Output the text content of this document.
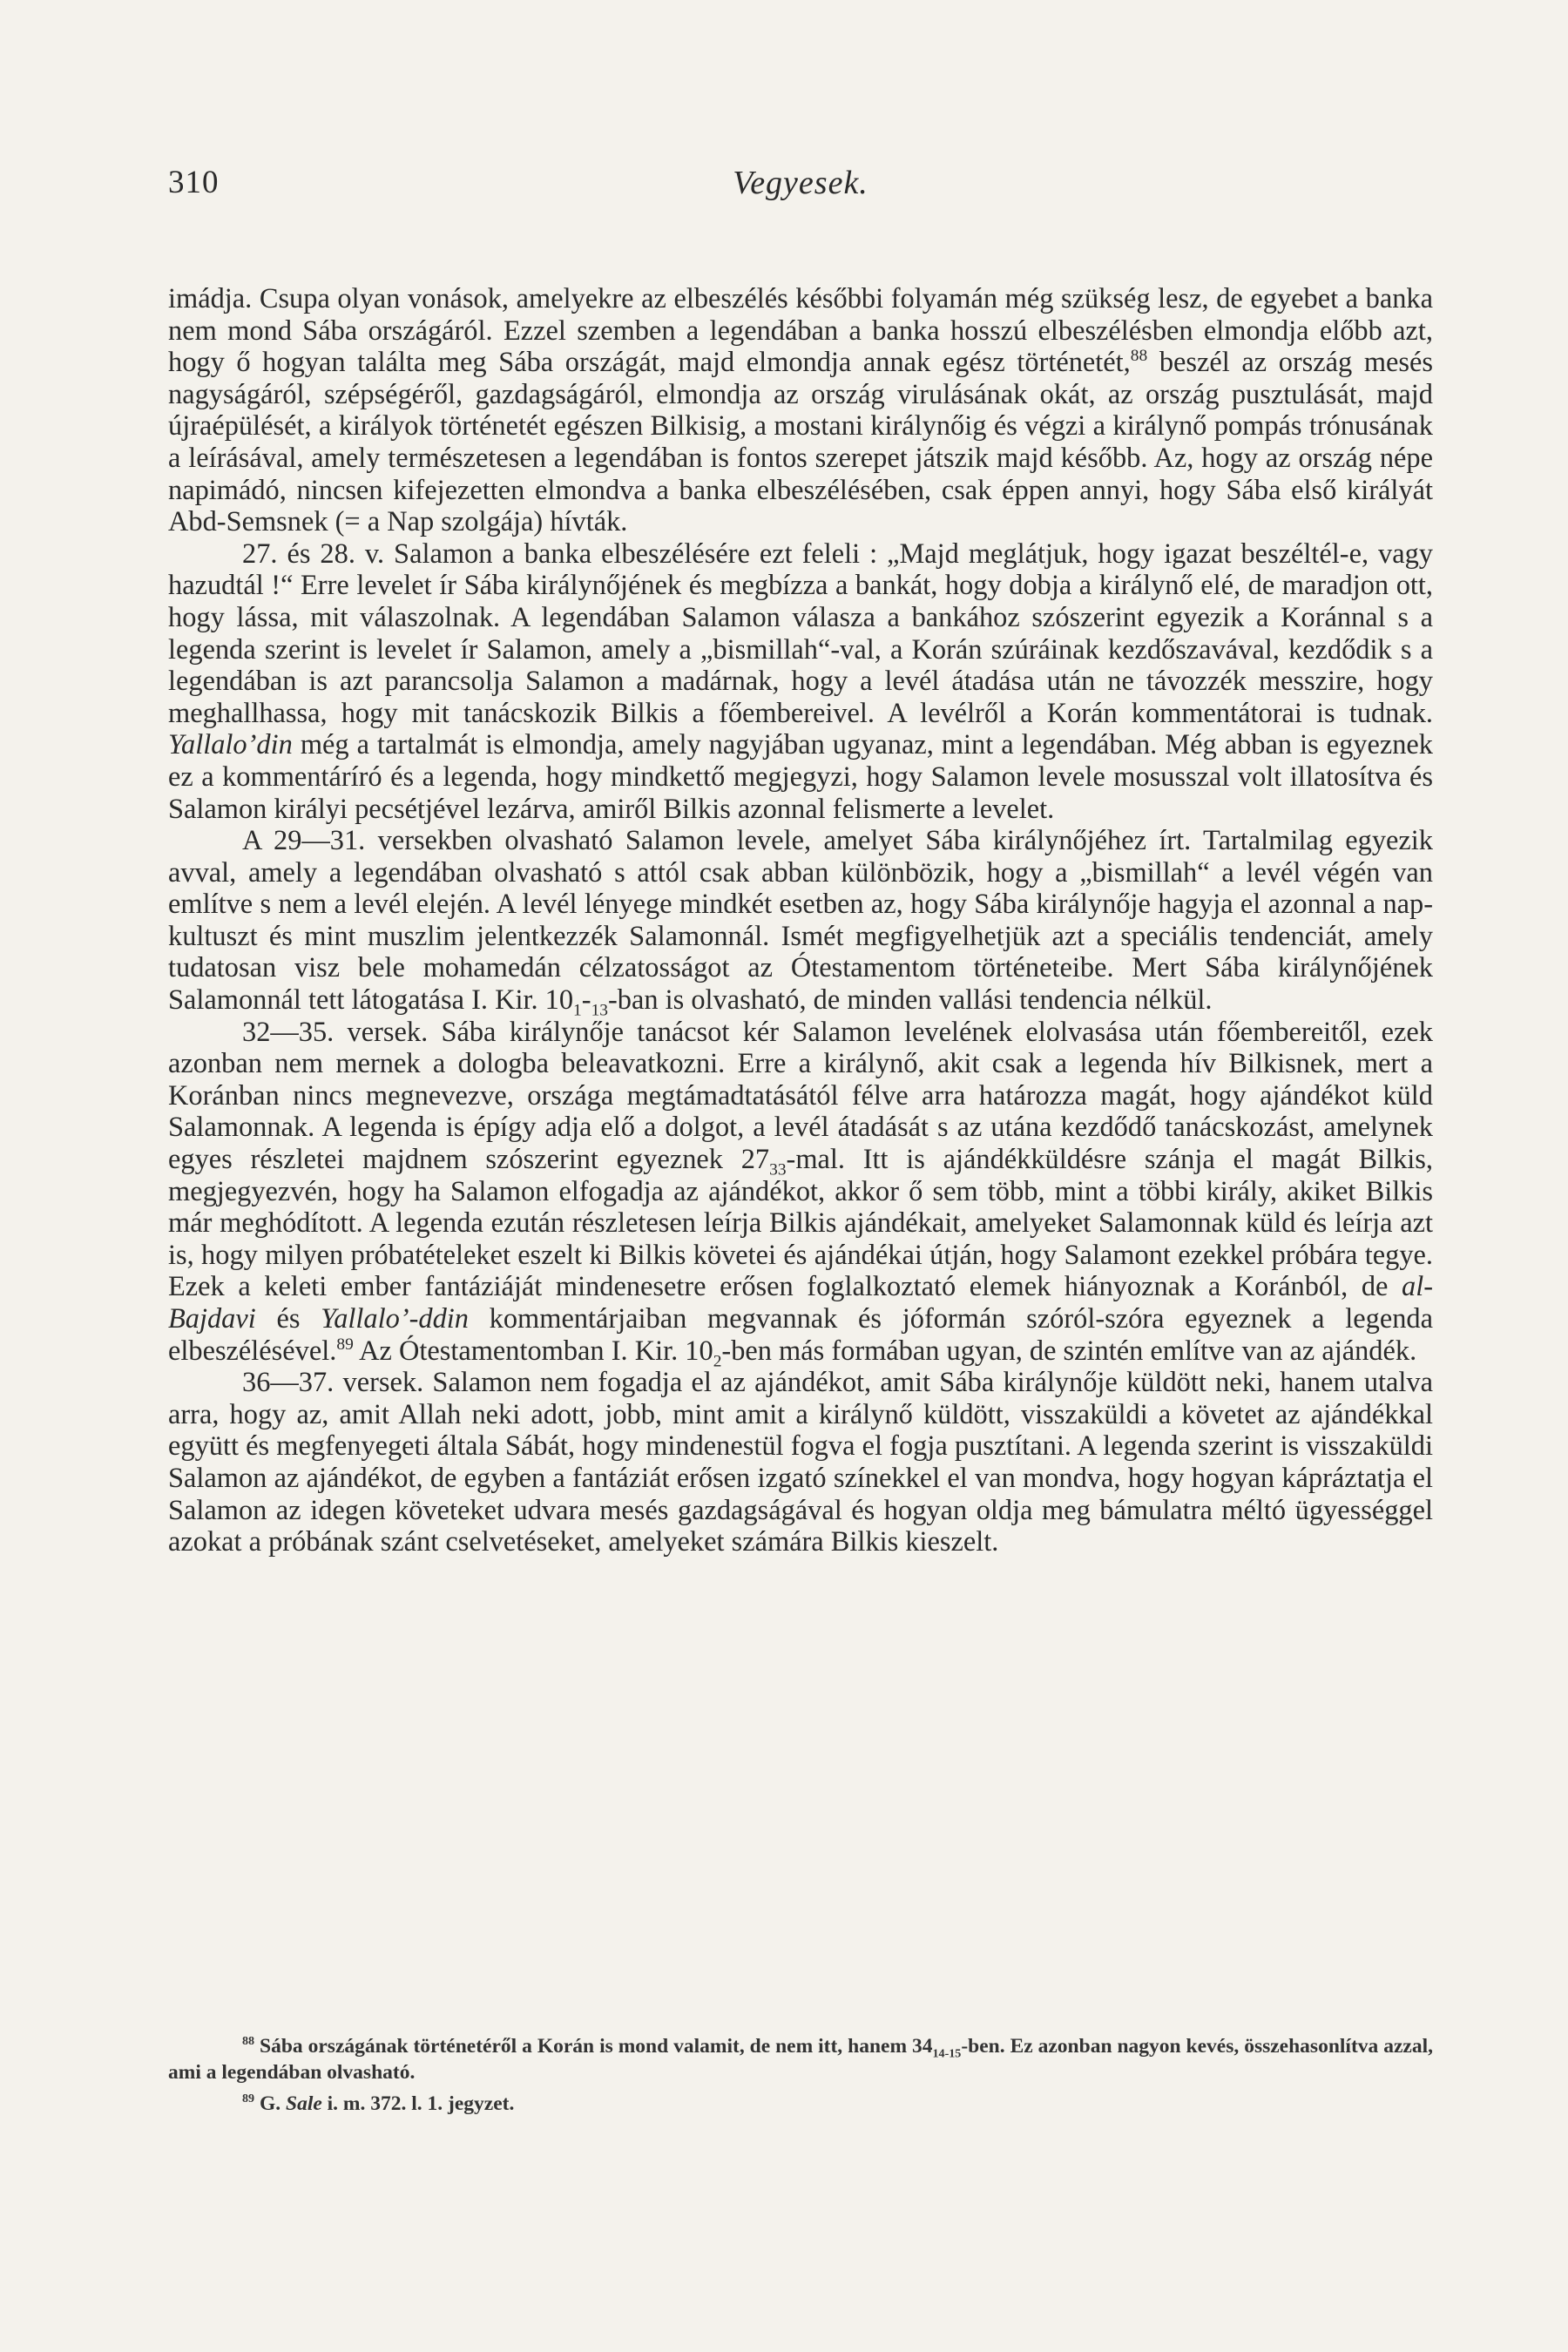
310	Vegyesek.

imádja. Csupa olyan vonások, amelyekre az elbeszélés későbbi folyamán még szükség lesz, de egyebet a banka nem mond Sába országáról. Ezzel szemben a legendában a banka hosszú elbeszélésben elmondja előbb azt, hogy ő hogyan találta meg Sába országát, majd elmondja annak egész történetét,$^{88}$ beszél az ország mesés nagyságáról, szépségéről, gazdagságáról, elmondja az ország virulásának okát, az ország pusztulását, majd újraépülését, a királyok történetét egészen Bilkisig, a mostani királynőig és végzi a királynő pompás trónusának a leírásával, amely természetesen a legendában is fontos szerepet játszik majd később. Az, hogy az ország népe napimádó, nincsen kifejezetten elmondva a banka elbeszélésében, csak éppen annyi, hogy Sába első királyát Abd-Semsnek (= a Nap szolgája) hívták.

27. és 28. v. Salamon a banka elbeszélésére ezt feleli : „Majd meglátjuk, hogy igazat beszéltél-e, vagy hazudtál !“ Erre levelet ír Sába királynőjének és megbízza a bankát, hogy dobja a királynő elé, de maradjon ott, hogy lássa, mit válaszolnak. A legendában Salamon válasza a bankához szószerint egyezik a Koránnal s a legenda szerint is levelet ír Salamon, amely a „bismillah“-val, a Korán szúráinak kezdőszavával, kezdődik s a legendában is azt parancsolja Salamon a madárnak, hogy a levél átadása után ne távozzék messzire, hogy meghallhassa, hogy mit tanácskozik Bilkis a főembereivel. A levélről a Korán kommentátorai is tudnak. Yallalo’din még a tartalmát is elmondja, amely nagyjában ugyanaz, mint a legendában. Még abban is egyeznek ez a kommentáríró és a legenda, hogy mindkettő megjegyzi, hogy Salamon levele mosusszal volt illatosítva és Salamon királyi pecsétjével lezárva, amiről Bilkis azonnal felismerte a levelet.

A 29—31. versekben olvasható Salamon levele, amelyet Sába királynőjéhez írt. Tartalmilag egyezik avval, amely a legendában olvasható s attól csak abban különbözik, hogy a „bismillah“ a levél végén van említve s nem a levél elején. A levél lényege mindkét esetben az, hogy Sába királynője hagyja el azonnal a nap-kultuszt és mint muszlim jelentkezzék Salamonnál. Ismét megfigyelhetjük azt a speciális tendenciát, amely tudatosan visz bele mohamedán célzatosságot az Ótestamentom történeteibe. Mert Sába királynőjének Salamonnál tett látogatása I. Kir. $10_1-_{13}$-ban is olvasható, de minden vallási tendencia nélkül.

32—35. versek. Sába királynője tanácsot kér Salamon levelének elolvasása után főembereitől, ezek azonban nem mernek a dologba beleavatkozni. Erre a királynő, akit csak a legenda hív Bilkisnek, mert a Koránban nincs megnevezve, országa megtámadtatásától félve arra határozza magát, hogy ajándékot küld Salamonnak. A legenda is épígy adja elő a dolgot, a levél átadását s az utána kezdődő tanácskozást, amelynek egyes részletei majdnem szószerint egyeznek $27_{33}$-mal. Itt is ajándékküldésre szánja el magát Bilkis, megjegyezvén, hogy ha Salamon elfogadja az ajándékot, akkor ő sem több, mint a többi király, akiket Bilkis már meghódított. A legenda ezután részletesen leírja Bilkis ajándékait, amelyeket Salamonnak küld és leírja azt is, hogy milyen próbatételeket eszelt ki Bilkis követei és ajándékai útján, hogy Salamont ezekkel próbára tegye. Ezek a keleti ember fantáziáját mindenesetre erősen foglalkoztató elemek hiányoznak a Koránból, de al-Bajdavi és Yallalo’-ddin kommentárjaiban megvannak és jóformán szóról-szóra egyeznek a legenda elbeszélésével.$^{89}$ Az Ótestamentomban I. Kir. $10_2$-ben más formában ugyan, de szintén említve van az ajándék.

36—37. versek. Salamon nem fogadja el az ajándékot, amit Sába királynője küldött neki, hanem utalva arra, hogy az, amit Allah neki adott, jobb, mint amit a királynő küldött, visszaküldi a követet az ajándékkal együtt és megfenyegeti általa Sábát, hogy mindenestül fogva el fogja pusztítani. A legenda szerint is visszaküldi Salamon az ajándékot, de egyben a fantáziát erősen izgató színekkel el van mondva, hogy hogyan kápráztatja el Salamon az idegen követeket udvara mesés gazdagságával és hogyan oldja meg bámulatra méltó ügyességgel azokat a próbának szánt cselvetéseket, amelyeket számára Bilkis kieszelt.

$^{88}$ Sába országának történetéről a Korán is mond valamit, de nem itt, hanem $34_{14-15}$-ben. Ez azonban nagyon kevés, összehasonlítva azzal, ami a legendában olvasható.

$^{89}$ G. Sale i. m. 372. l. 1. jegyzet.
